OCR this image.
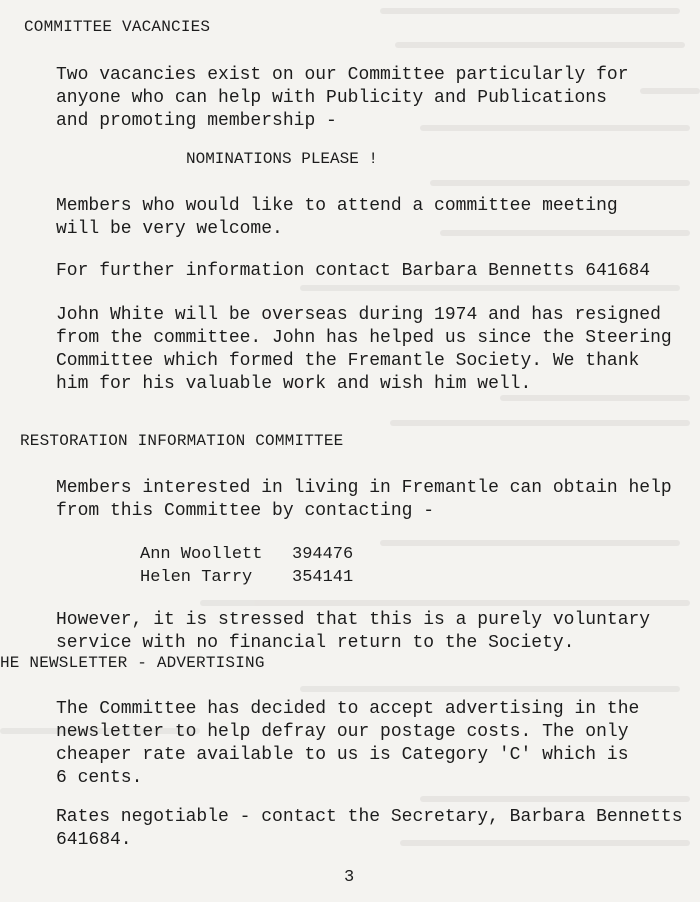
COMMITTEE VACANCIES
Two vacancies exist on our Committee particularly for
anyone who can help with Publicity and Publications
and promoting membership -
NOMINATIONS PLEASE !
Members who would like to attend a committee meeting
will be very welcome.
For further information contact Barbara Bennetts 641684
John White will be overseas during 1974 and has resigned
from the committee. John has helped us since the Steering
Committee which formed the Fremantle Society. We thank
him for his valuable work and wish him well.
RESTORATION INFORMATION COMMITTEE
Members interested in living in Fremantle can obtain help
from this Committee by contacting -
Ann Woollett 394476
Helen Tarry 354141
However, it is stressed that this is a purely voluntary
service with no financial return to the Society.
HE NEWSLETTER - ADVERTISING
The Committee has decided to accept advertising in the
newsletter to help defray our postage costs. The only
cheaper rate available to us is Category 'C' which is
6 cents.
Rates negotiable - contact the Secretary, Barbara Bennetts
641684.
3
